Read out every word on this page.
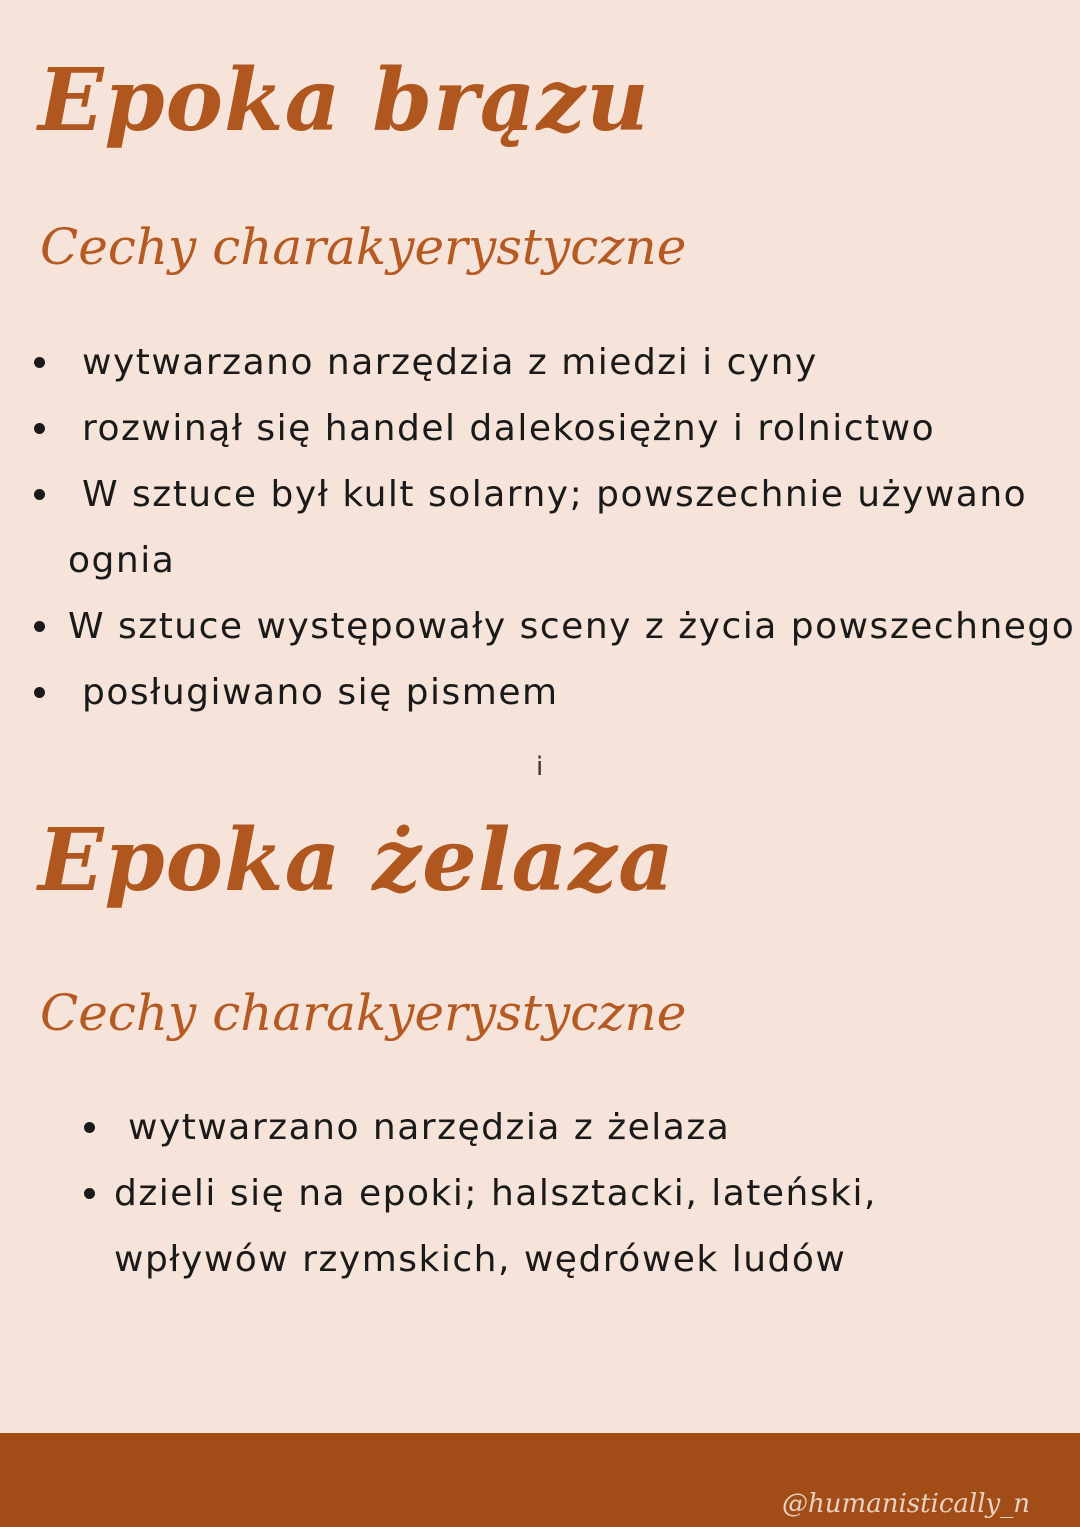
Epoka brązu
Cechy charakyerystyczne
wytwarzano narzędzia z miedzi i cyny
rozwinął się handel dalekosiężny i rolnictwo
W sztuce był kult solarny; powszechnie używano
ognia
W sztuce występowały sceny z życia powszechnego
posługiwano się pismem
i
Epoka żelaza
Cechy charakyerystyczne
wytwarzano narzędzia z żelaza
dzieli się na epoki; halsztacki, lateński,
wpływów rzymskich, wędrówek ludów
@humanistically_n
